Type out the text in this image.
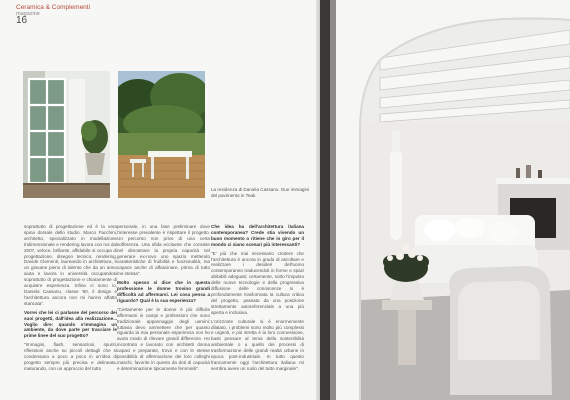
Ceramica & Complementi
magazine
16
La residenza di Daniela Cassanu. Due immagini del pavimento in Teak.

soprattutto di progettazione ed è la vera spina dorsale dello studio. Marco Facchini, architetto, specializzato in modellazione tridimensionale e rendering lavora con noi dal 2007, veloce, brillante, affidabile si occupa di progettazione, disegno tecnico, rendering. Davide Clementi, laureando in architettura, è un giovane pieno di talento che da un anno aiuta e lavora in università occupandosi soprattutto di progettazione e chiaramente di acquisire esperienza. Infine ci sono io, Daniela Cassanu, classe '80, il design e l'architettura ancora non mi hanno affatto stancata".

Vorrei che lei ci parlasse del percorso dei suoi progetti, dall'idea alla realizzazione... Voglio dire: quando s'immagina un ambiente, da dove parte per tracciare le prime linee del suo progetto?

"Immagini, flash, sensazioni, spunti, riflessioni anche su piccoli dettagli che si condensano a poco a poco in un'idea di progetto sempre più precisa e delineata, maturando, con un approccio del tutto

personale, in una fase preliminare dove l'interesse prevalente è rispettare il progetto. Un percorso non privo di una certa sofferenza. Una sfida eccitante che consiste nel dimostrare la propria capacità nel generare ex-novo uno spazio mettendo caratteristiche di fruibilità e funzionalità, ma capace anche di affascinare, prima di tutto me stessa".

Molto spesso si dice che in questa professione le donne trovino grandi difficoltà ad affermarsi. Lei cosa pensa a riguardo? Qual è la sua esperienza?

"Certamente per le donne è più difficile affermarsi in campi e professioni che sono tradizionale appannaggio degli uomini; tuttavia devo ammettere che per quanto riguarda la mia personale esperienza non ho avuto modo di rilevare grandi differenze. Ho incontrato e lavorato con architetti donna capaci e preparate, trovo e con le stesse possibilità di affermazione dei loro colleghi maschi, favorite in questo da doti di capacità e determinazione tipicamente femminili".

Che idea ha dell'architettura italiana contemporanea? Crede stia vivendo un buon momento o ritiene che in giro per il mondo ci siano scenari più interessanti?

"E' più che mai necessario credere che l'architettura è ancora in grado di ascoltare e realizzare i desideri dell'uomo contemporaneo traducendoli in forme e spazi abitabili adeguati; certamente, sotto l'impulso delle nuove tecnologie e della progressiva diffusione delle conoscenze si è profondamente trasformata la cultura critica del progetto, passata da una posizione strettamente autoreferenziale a una più aperta e inclusiva.

L'orizzonte culturale si è enormemente dilatato, i problemi sono molto più complessi e urgenti, e più stretta è la loro connessione, basti pensare al tema della sostenibilità ambientale o a quello dei processi di trasformazione delle grandi realtà urbane in epoca post-industriale. In tutto questo francamente oggi l'architettura italiana mi sembra avere un ruolo del tutto marginale".
